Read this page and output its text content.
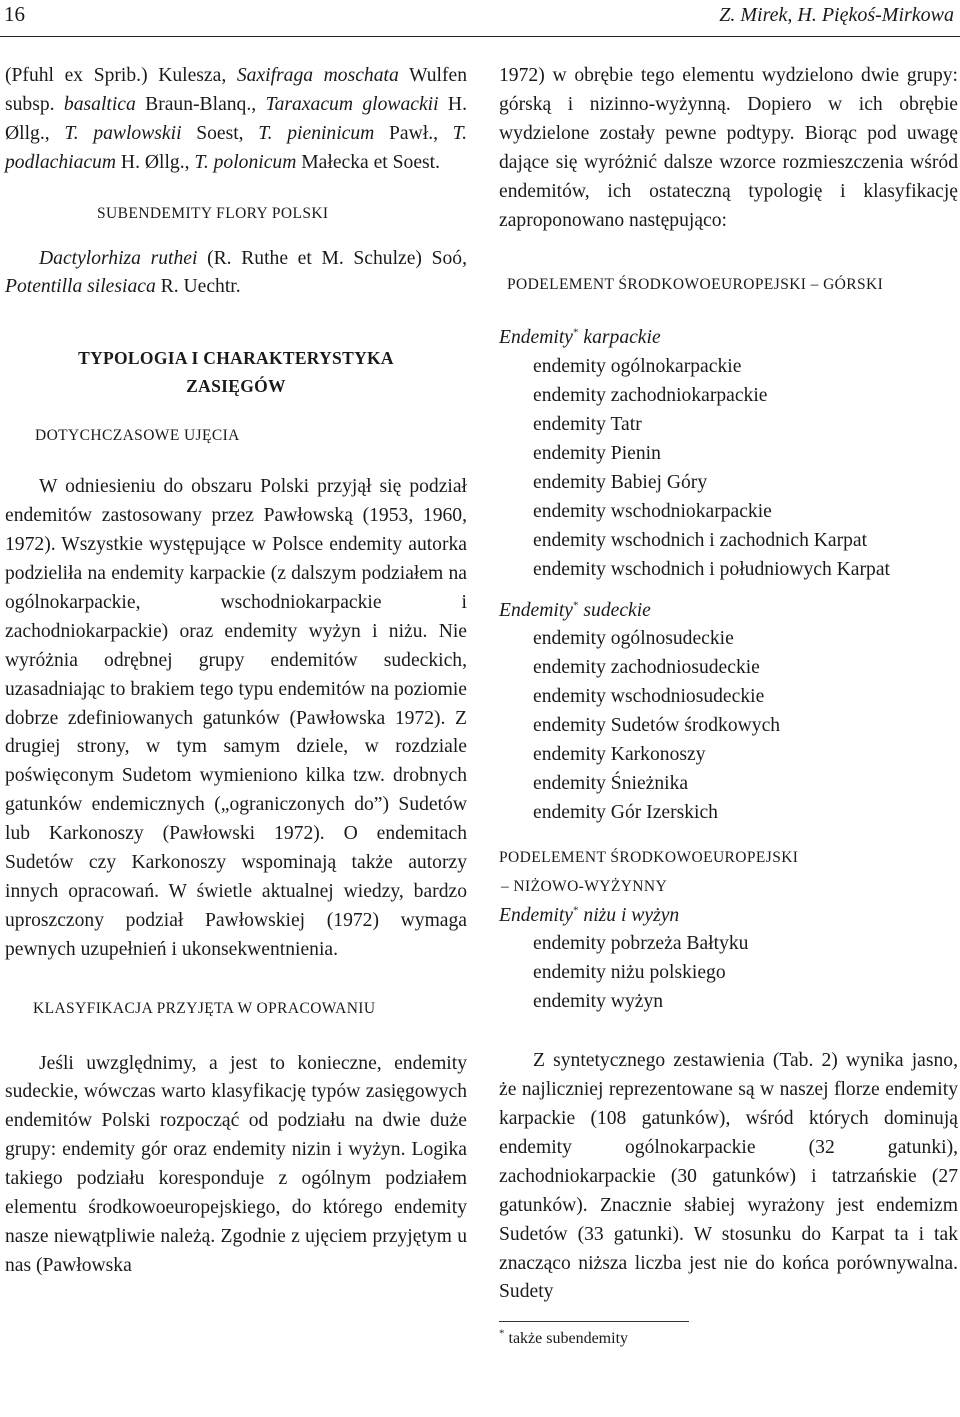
16	Z. Mirek, H. Piękoś-Mirkowa

(Pfuhl ex Sprib.) Kulesza, Saxifraga moschata Wulfen subsp. basaltica Braun-Blanq., Taraxacum glowackii H. Øllg., T. pawlowskii Soest, T. pieninicum Pawł., T. podlachiacum H. Øllg., T. polonicum Małecka et Soest.

SUBENDEMITY FLORY POLSKI

Dactylorhiza ruthei (R. Ruthe et M. Schulze) Soó, Potentilla silesiaca R. Uechtr.

TYPOLOGIA I CHARAKTERYSTYKA
ZASIĘGÓW
DOTYCHCZASOWE UJĘCIA

W odniesieniu do obszaru Polski przyjął się podział endemitów zastosowany przez Pawłowską (1953, 1960, 1972). Wszystkie występujące w Polsce endemity autorka podzieliła na endemity karpackie (z dalszym podziałem na ogólnokarpackie, wschodniokarpackie i zachodniokarpackie) oraz endemity wyżyn i niżu. Nie wyróżnia odrębnej grupy endemitów sudeckich, uzasadniając to brakiem tego typu endemitów na poziomie dobrze zdefiniowanych gatunków (Pawłowska 1972). Z drugiej strony, w tym samym dziele, w rozdziale poświęconym Sudetom wymieniono kilka tzw. drobnych gatunków endemicznych („ograniczonych do”) Sudetów lub Karkonoszy (Pawłowski 1972). O endemitach Sudetów czy Karkonoszy wspominają także autorzy innych opracowań. W świetle aktualnej wiedzy, bardzo uproszczony podział Pawłowskiej (1972) wymaga pewnych uzupełnień i ukonsekwentnienia.

KLASYFIKACJA PRZYJĘTA W OPRACOWANIU

Jeśli uwzględnimy, a jest to konieczne, endemity sudeckie, wówczas warto klasyfikację typów zasięgowych endemitów Polski rozpocząć od podziału na dwie duże grupy: endemity gór oraz endemity nizin i wyżyn. Logika takiego podziału koresponduje z ogólnym podziałem elementu środkowoeuropejskiego, do którego endemity nasze niewątpliwie należą. Zgodnie z ujęciem przyjętym u nas (Pawłowska

1972) w obrębie tego elementu wydzielono dwie grupy: górską i nizinno-wyżynną. Dopiero w ich obrębie wydzielone zostały pewne podtypy. Biorąc pod uwagę dające się wyróżnić dalsze wzorce rozmieszczenia wśród endemitów, ich ostateczną typologię i klasyfikację zaproponowano następująco:

PODELEMENT ŚRODKOWOEUROPEJSKI – GÓRSKI
Endemity* karpackie
endemity ogólnokarpackie
endemity zachodniokarpackie
endemity Tatr
endemity Pienin
endemity Babiej Góry
endemity wschodniokarpackie
endemity wschodnich i zachodnich Karpat
endemity wschodnich i południowych Karpat
Endemity* sudeckie
endemity ogólnosudeckie
endemity zachodniosudeckie
endemity wschodniosudeckie
endemity Sudetów środkowych
endemity Karkonoszy
endemity Śnieżnika
endemity Gór Izerskich
PODELEMENT ŚRODKOWOEUROPEJSKI
– NIŻOWO-WYŻYNNY
Endemity* niżu i wyżyn
endemity pobrzeża Bałtyku
endemity niżu polskiego
endemity wyżyn

Z syntetycznego zestawienia (Tab. 2) wynika jasno, że najliczniej reprezentowane są w naszej florze endemity karpackie (108 gatunków), wśród których dominują endemity ogólnokarpackie (32 gatunki), zachodniokarpackie (30 gatunków) i tatrzańskie (27 gatunków). Znacznie słabiej wyrażony jest endemizm Sudetów (33 gatunki). W stosunku do Karpat ta i tak znacząco niższa liczba jest nie do końca porównywalna. Sudety

* także subendemity
